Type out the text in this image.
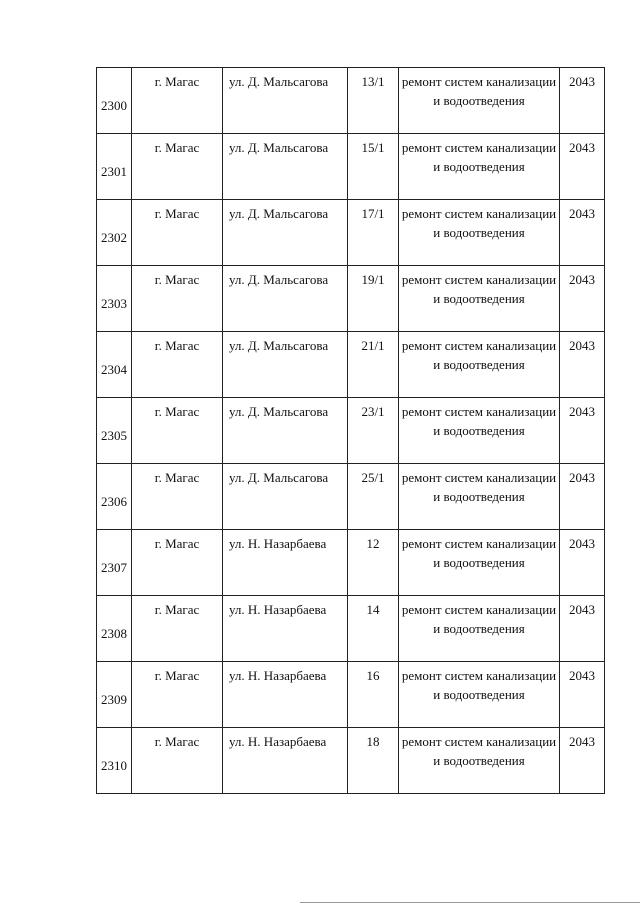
2300	г. Магас	ул. Д. Мальсагова	13/1	ремонт систем канализации и водоотведения	2043
2301	г. Магас	ул. Д. Мальсагова	15/1	ремонт систем канализации и водоотведения	2043
2302	г. Магас	ул. Д. Мальсагова	17/1	ремонт систем канализации и водоотведения	2043
2303	г. Магас	ул. Д. Мальсагова	19/1	ремонт систем канализации и водоотведения	2043
2304	г. Магас	ул. Д. Мальсагова	21/1	ремонт систем канализации и водоотведения	2043
2305	г. Магас	ул. Д. Мальсагова	23/1	ремонт систем канализации и водоотведения	2043
2306	г. Магас	ул. Д. Мальсагова	25/1	ремонт систем канализации и водоотведения	2043
2307	г. Магас	ул. Н. Назарбаева	12	ремонт систем канализации и водоотведения	2043
2308	г. Магас	ул. Н. Назарбаева	14	ремонт систем канализации и водоотведения	2043
2309	г. Магас	ул. Н. Назарбаева	16	ремонт систем канализации и водоотведения	2043
2310	г. Магас	ул. Н. Назарбаева	18	ремонт систем канализации и водоотведения	2043
